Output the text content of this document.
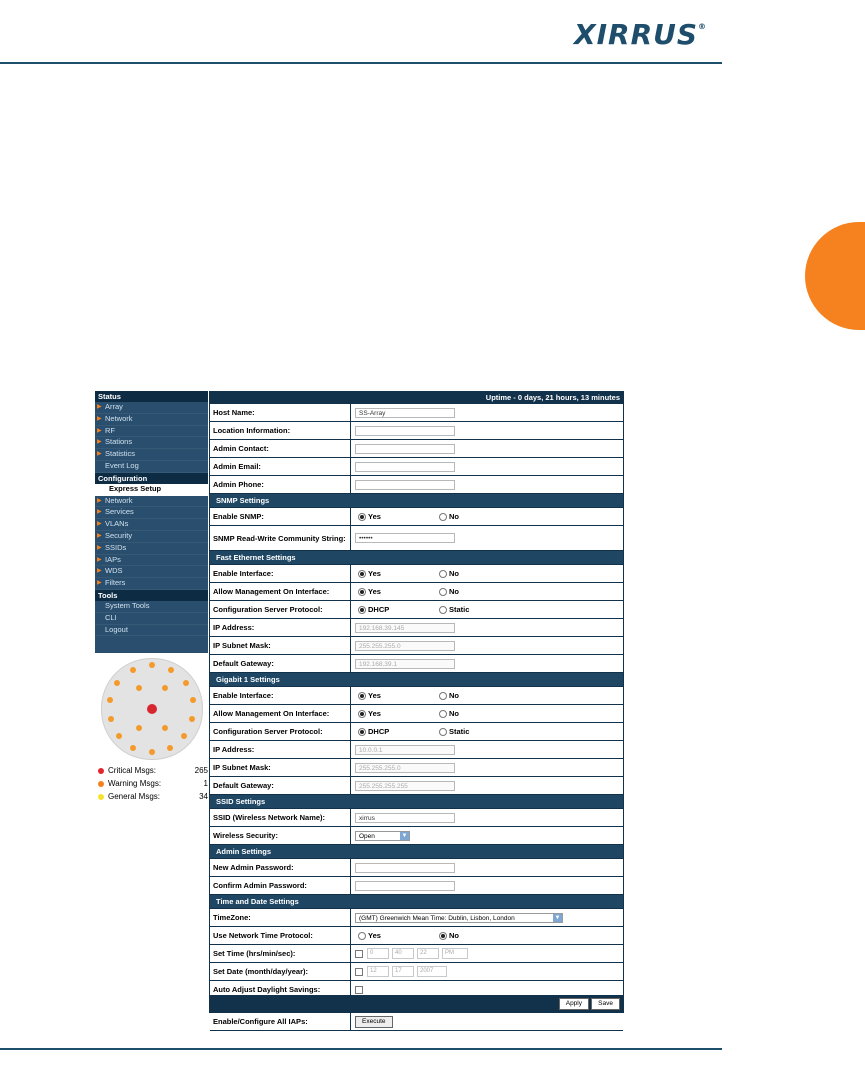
XIRRUS®
Status
▶ Array
▶ Network
▶ RF
▶ Stations
▶ Statistics
Event Log
Configuration
Express Setup
▶ Network
▶ Services
▶ VLANs
▶ Security
▶ SSIDs
▶ IAPs
▶ WDS
▶ Filters
Tools
System Tools
CLI
Logout
Critical Msgs:	265
Warning Msgs:	1
General Msgs:	34
Uptime - 0 days, 21 hours, 13 minutes
Host Name:	SS-Array
Location Information:
Admin Contact:
Admin Email:
Admin Phone:
SNMP Settings
Enable SNMP:	Yes	No
SNMP Read-Write Community String:	••••••
Fast Ethernet Settings
Enable Interface:	Yes	No
Allow Management On Interface:	Yes	No
Configuration Server Protocol:	DHCP	Static
IP Address:	192.168.39.145
IP Subnet Mask:	255.255.255.0
Default Gateway:	192.168.39.1
Gigabit 1 Settings
Enable Interface:	Yes	No
Allow Management On Interface:	Yes	No
Configuration Server Protocol:	DHCP	Static
IP Address:	10.0.0.1
IP Subnet Mask:	255.255.255.0
Default Gateway:	255.255.255.255
SSID Settings
SSID (Wireless Network Name):	xirrus
Wireless Security:	Open	▼
Admin Settings
New Admin Password:
Confirm Admin Password:
Time and Date Settings
TimeZone:	(GMT) Greenwich Mean Time: Dublin, Lisbon, London	▼
Use Network Time Protocol:	Yes	No
Set Time (hrs/min/sec):	0	40	22	PM
Set Date (month/day/year):	12	17	2007
Auto Adjust Daylight Savings:
Enable/Configure All IAPs:	Execute
Apply	Save
